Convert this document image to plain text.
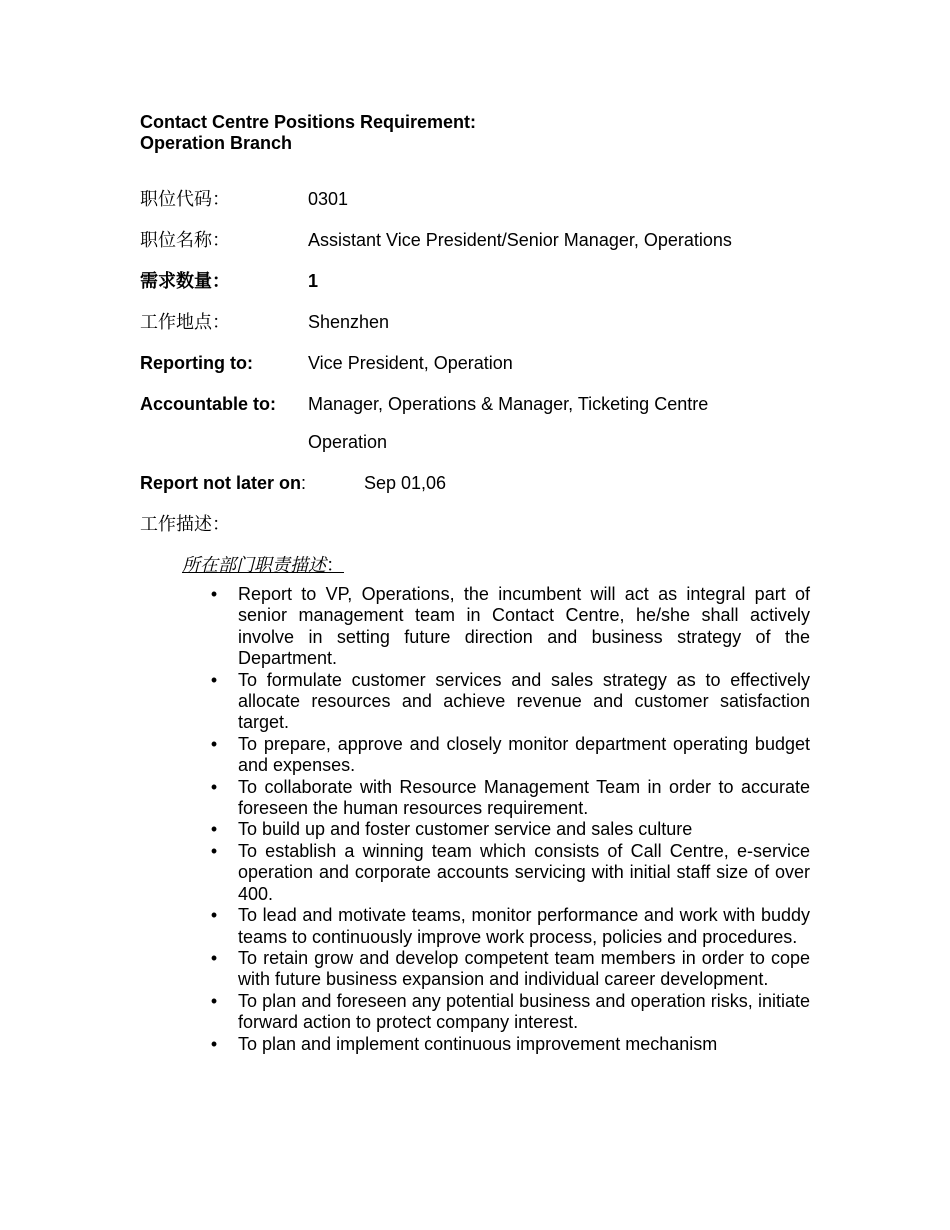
Contact Centre Positions Requirement:
Operation Branch
职位代码：	0301
职位名称：	Assistant Vice President/Senior Manager, Operations
需求数量：	1
工作地点：	Shenzhen
Reporting to:	Vice President, Operation
Accountable to: Manager, Operations & Manager, Ticketing Centre
Operation
Report not later on:	Sep 01,06
工作描述：
所在部门职责描述：
• Report to VP, Operations, the incumbent will act as integral part of senior management team in Contact Centre, he/she shall actively involve in setting future direction and business strategy of the Department.
• To formulate customer services and sales strategy as to effectively allocate resources and achieve revenue and customer satisfaction target.
• To prepare, approve and closely monitor department operating budget and expenses.
• To collaborate with Resource Management Team in order to accurate foreseen the human resources requirement.
• To build up and foster customer service and sales culture
• To establish a winning team which consists of Call Centre, e-service operation and corporate accounts servicing with initial staff size of over 400.
• To lead and motivate teams, monitor performance and work with buddy teams to continuously improve work process, policies and procedures.
• To retain grow and develop competent team members in order to cope with future business expansion and individual career development.
• To plan and foreseen any potential business and operation risks, initiate forward action to protect company interest.
• To plan and implement continuous improvement mechanism
